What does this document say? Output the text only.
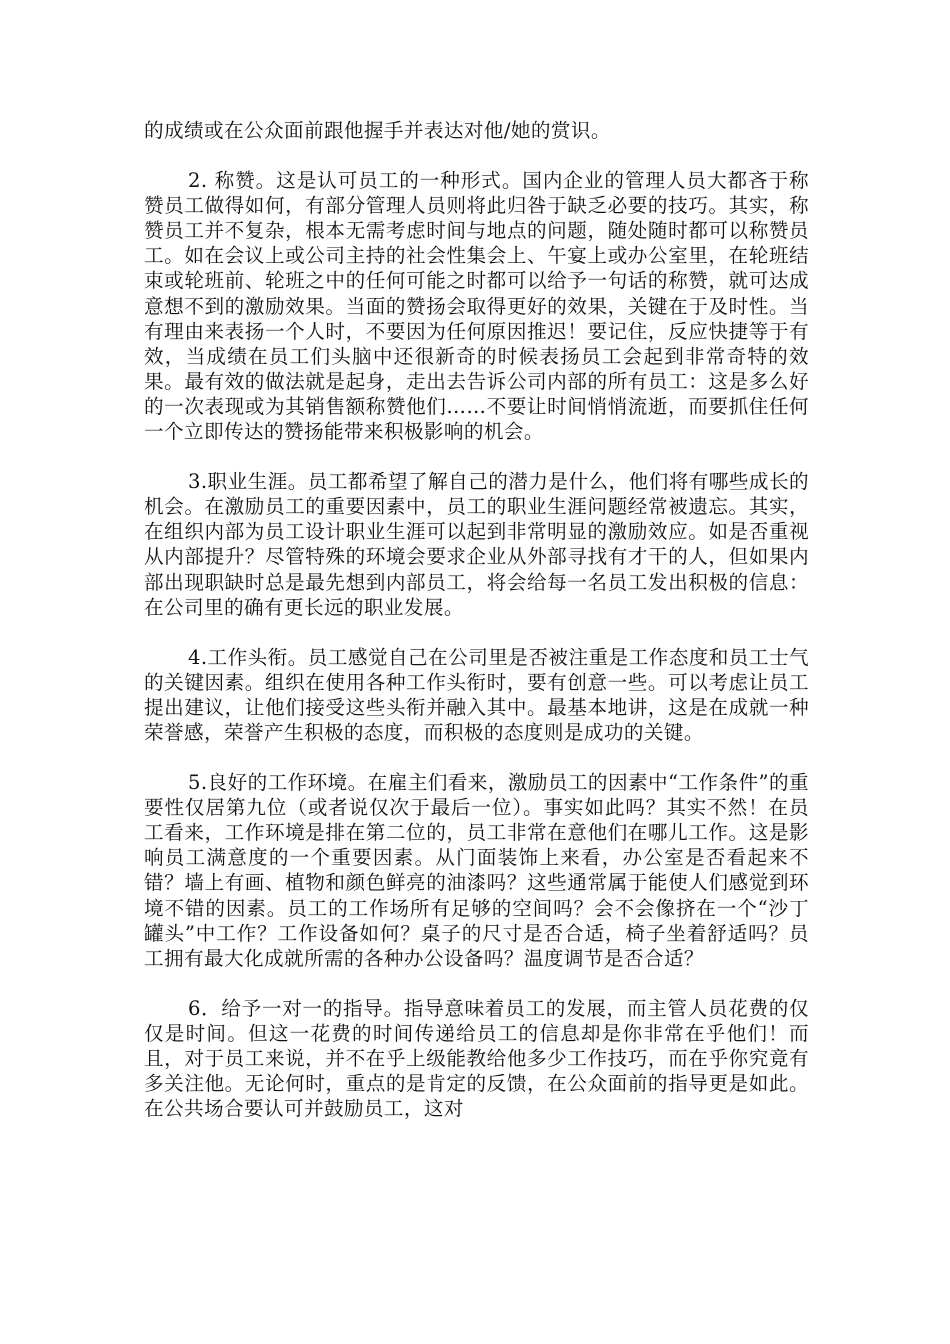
的成绩或在公众面前跟他握手并表达对他/她的赏识。

2. 称赞。这是认可员工的一种形式。国内企业的管理人员大都吝于称赞员工做得如何，有部分管理人员则将此归咎于缺乏必要的技巧。其实，称赞员工并不复杂，根本无需考虑时间与地点的问题，随处随时都可以称赞员工。如在会议上或公司主持的社会性集会上、午宴上或办公室里，在轮班结束或轮班前、轮班之中的任何可能之时都可以给予一句话的称赞，就可达成意想不到的激励效果。当面的赞扬会取得更好的效果，关键在于及时性。当有理由来表扬一个人时，不要因为任何原因推迟！要记住，反应快捷等于有效，当成绩在员工们头脑中还很新奇的时候表扬员工会起到非常奇特的效果。最有效的做法就是起身，走出去告诉公司内部的所有员工：这是多么好的一次表现或为其销售额称赞他们……不要让时间悄悄流逝，而要抓住任何一个立即传达的赞扬能带来积极影响的机会。

3.职业生涯。员工都希望了解自己的潜力是什么，他们将有哪些成长的机会。在激励员工的重要因素中，员工的职业生涯问题经常被遗忘。其实，在组织内部为员工设计职业生涯可以起到非常明显的激励效应。如是否重视从内部提升？尽管特殊的环境会要求企业从外部寻找有才干的人，但如果内部出现职缺时总是最先想到内部员工，将会给每一名员工发出积极的信息：在公司里的确有更长远的职业发展。

4.工作头衔。员工感觉自己在公司里是否被注重是工作态度和员工士气的关键因素。组织在使用各种工作头衔时，要有创意一些。可以考虑让员工提出建议，让他们接受这些头衔并融入其中。最基本地讲，这是在成就一种荣誉感，荣誉产生积极的态度，而积极的态度则是成功的关键。

5.良好的工作环境。在雇主们看来，激励员工的因素中“工作条件”的重要性仅居第九位（或者说仅次于最后一位）。事实如此吗？其实不然！在员工看来，工作环境是排在第二位的，员工非常在意他们在哪儿工作。这是影响员工满意度的一个重要因素。从门面装饰上来看，办公室是否看起来不错？墙上有画、植物和颜色鲜亮的油漆吗？这些通常属于能使人们感觉到环境不错的因素。员工的工作场所有足够的空间吗？会不会像挤在一个“沙丁罐头”中工作？工作设备如何？桌子的尺寸是否合适，椅子坐着舒适吗？员工拥有最大化成就所需的各种办公设备吗？温度调节是否合适？

6．给予一对一的指导。指导意味着员工的发展，而主管人员花费的仅仅是时间。但这一花费的时间传递给员工的信息却是你非常在乎他们！而且，对于员工来说，并不在乎上级能教给他多少工作技巧，而在乎你究竟有多关注他。无论何时，重点的是肯定的反馈，在公众面前的指导更是如此。在公共场合要认可并鼓励员工，这对
